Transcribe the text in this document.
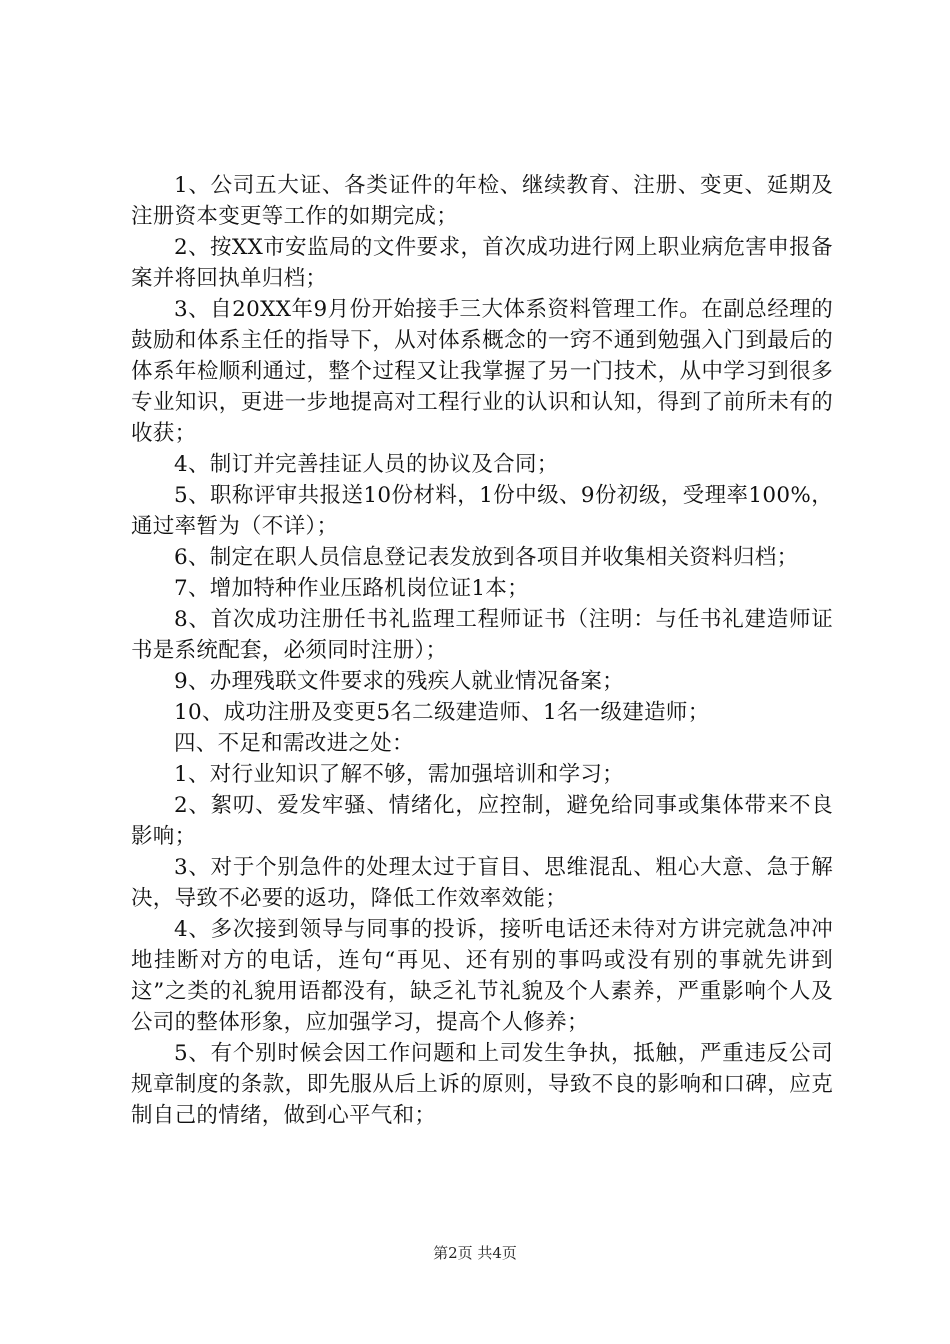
1、公司五大证、各类证件的年检、继续教育、注册、变更、延期及注册资本变更等工作的如期完成；

2、按XX市安监局的文件要求，首次成功进行网上职业病危害申报备案并将回执单归档；

3、自20XX年9月份开始接手三大体系资料管理工作。在副总经理的鼓励和体系主任的指导下，从对体系概念的一窍不通到勉强入门到最后的体系年检顺利通过，整个过程又让我掌握了另一门技术，从中学习到很多专业知识，更进一步地提高对工程行业的认识和认知，得到了前所未有的收获；

4、制订并完善挂证人员的协议及合同；

5、职称评审共报送10份材料，1份中级、9份初级，受理率100%，通过率暂为（不详）；

6、制定在职人员信息登记表发放到各项目并收集相关资料归档；

7、增加特种作业压路机岗位证1本；

8、首次成功注册任书礼监理工程师证书（注明：与任书礼建造师证书是系统配套，必须同时注册）；

9、办理残联文件要求的残疾人就业情况备案；

10、成功注册及变更5名二级建造师、1名一级建造师；

四、不足和需改进之处：

1、对行业知识了解不够，需加强培训和学习；

2、絮叨、爱发牢骚、情绪化，应控制，避免给同事或集体带来不良影响；

3、对于个别急件的处理太过于盲目、思维混乱、粗心大意、急于解决，导致不必要的返功，降低工作效率效能；

4、多次接到领导与同事的投诉，接听电话还未待对方讲完就急冲冲地挂断对方的电话，连句“再见、还有别的事吗或没有别的事就先讲到这”之类的礼貌用语都没有，缺乏礼节礼貌及个人素养，严重影响个人及公司的整体形象，应加强学习，提高个人修养；

5、有个别时候会因工作问题和上司发生争执，抵触，严重违反公司规章制度的条款，即先服从后上诉的原则，导致不良的影响和口碑，应克制自己的情绪，做到心平气和；

第2页 共4页
